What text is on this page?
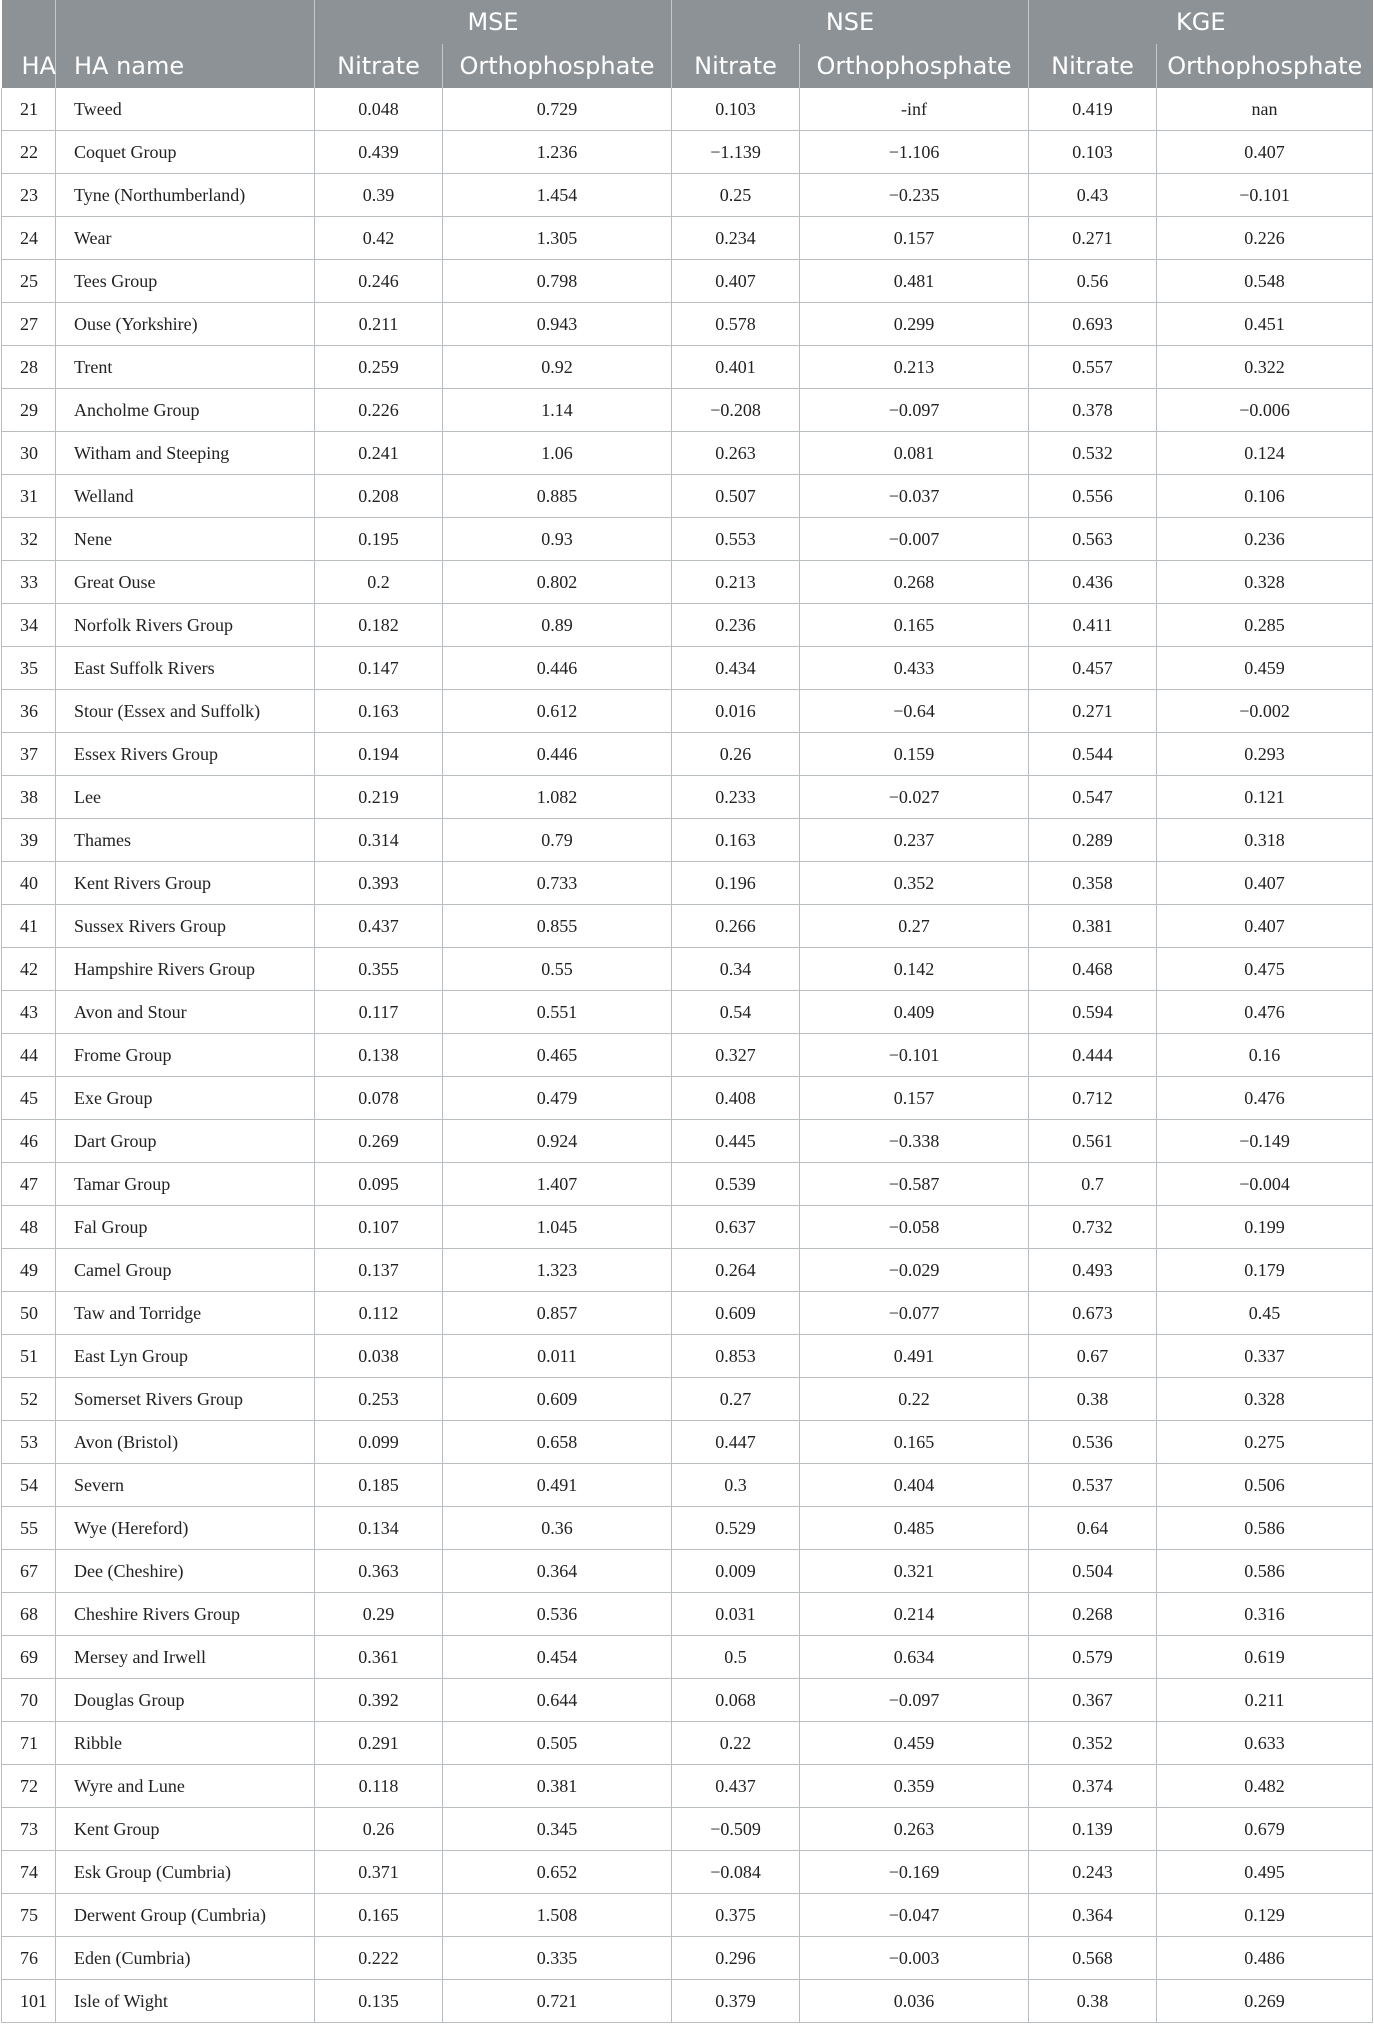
		MSE		NSE		KGE	
HA	HA name	Nitrate	Orthophosphate	Nitrate	Orthophosphate	Nitrate	Orthophosphate
21	Tweed	0.048	0.729	0.103	-inf	0.419	nan
22	Coquet Group	0.439	1.236	−1.139	−1.106	0.103	0.407
23	Tyne (Northumberland)	0.39	1.454	0.25	−0.235	0.43	−0.101
24	Wear	0.42	1.305	0.234	0.157	0.271	0.226
25	Tees Group	0.246	0.798	0.407	0.481	0.56	0.548
27	Ouse (Yorkshire)	0.211	0.943	0.578	0.299	0.693	0.451
28	Trent	0.259	0.92	0.401	0.213	0.557	0.322
29	Ancholme Group	0.226	1.14	−0.208	−0.097	0.378	−0.006
30	Witham and Steeping	0.241	1.06	0.263	0.081	0.532	0.124
31	Welland	0.208	0.885	0.507	−0.037	0.556	0.106
32	Nene	0.195	0.93	0.553	−0.007	0.563	0.236
33	Great Ouse	0.2	0.802	0.213	0.268	0.436	0.328
34	Norfolk Rivers Group	0.182	0.89	0.236	0.165	0.411	0.285
35	East Suffolk Rivers	0.147	0.446	0.434	0.433	0.457	0.459
36	Stour (Essex and Suffolk)	0.163	0.612	0.016	−0.64	0.271	−0.002
37	Essex Rivers Group	0.194	0.446	0.26	0.159	0.544	0.293
38	Lee	0.219	1.082	0.233	−0.027	0.547	0.121
39	Thames	0.314	0.79	0.163	0.237	0.289	0.318
40	Kent Rivers Group	0.393	0.733	0.196	0.352	0.358	0.407
41	Sussex Rivers Group	0.437	0.855	0.266	0.27	0.381	0.407
42	Hampshire Rivers Group	0.355	0.55	0.34	0.142	0.468	0.475
43	Avon and Stour	0.117	0.551	0.54	0.409	0.594	0.476
44	Frome Group	0.138	0.465	0.327	−0.101	0.444	0.16
45	Exe Group	0.078	0.479	0.408	0.157	0.712	0.476
46	Dart Group	0.269	0.924	0.445	−0.338	0.561	−0.149
47	Tamar Group	0.095	1.407	0.539	−0.587	0.7	−0.004
48	Fal Group	0.107	1.045	0.637	−0.058	0.732	0.199
49	Camel Group	0.137	1.323	0.264	−0.029	0.493	0.179
50	Taw and Torridge	0.112	0.857	0.609	−0.077	0.673	0.45
51	East Lyn Group	0.038	0.011	0.853	0.491	0.67	0.337
52	Somerset Rivers Group	0.253	0.609	0.27	0.22	0.38	0.328
53	Avon (Bristol)	0.099	0.658	0.447	0.165	0.536	0.275
54	Severn	0.185	0.491	0.3	0.404	0.537	0.506
55	Wye (Hereford)	0.134	0.36	0.529	0.485	0.64	0.586
67	Dee (Cheshire)	0.363	0.364	0.009	0.321	0.504	0.586
68	Cheshire Rivers Group	0.29	0.536	0.031	0.214	0.268	0.316
69	Mersey and Irwell	0.361	0.454	0.5	0.634	0.579	0.619
70	Douglas Group	0.392	0.644	0.068	−0.097	0.367	0.211
71	Ribble	0.291	0.505	0.22	0.459	0.352	0.633
72	Wyre and Lune	0.118	0.381	0.437	0.359	0.374	0.482
73	Kent Group	0.26	0.345	−0.509	0.263	0.139	0.679
74	Esk Group (Cumbria)	0.371	0.652	−0.084	−0.169	0.243	0.495
75	Derwent Group (Cumbria)	0.165	1.508	0.375	−0.047	0.364	0.129
76	Eden (Cumbria)	0.222	0.335	0.296	−0.003	0.568	0.486
101	Isle of Wight	0.135	0.721	0.379	0.036	0.38	0.269
